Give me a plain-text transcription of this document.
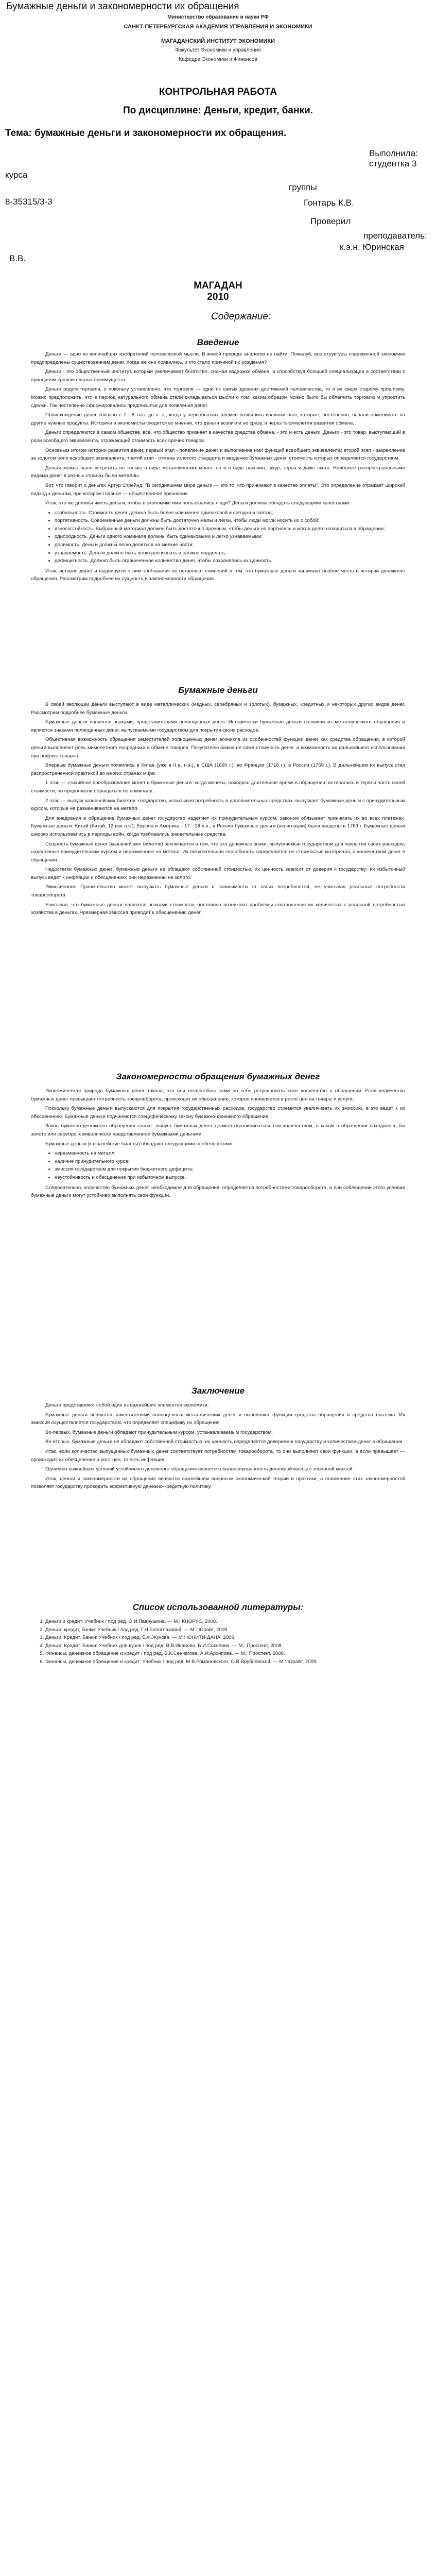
Бумажные деньги и закономерности их обращения
Министерство образования и науки РФ
САНКТ-ПЕТЕРБУРГСКАЯ АКАДЕМИЯ УПРАВЛЕНИЯ И ЭКОНОМИКИ
МАГАДАНСКИЙ ИНСТИТУТ ЭКОНОМИКИ
Факультет Экономики и управления
Кафедра Экономики и Финансов
КОНТРОЛЬНАЯ РАБОТА
По дисциплине: Деньги, кредит, банки.
Тема: бумажные деньги и закономерности их обращения.
Выполнила:
студентка 3
курса
группы
8-35315/3-3	Гонтарь К.В.
Проверил
преподаватель:
к.э.н. Юринская
В.В.
МАГАДАН
2010
Содержание:
Введение

Деньги — одно из величайших изобретений человеческой мысли. В живой природе аналогов не найти. Пожалуй, все структуры современной экономики предопределены существованием денег. Когда же они появились, и кто стало причиной их рождения?

Деньги - это общественный институт, который увеличивает богатство, снижая издержки обмена, и способствуя большей специализации в соответствии с принципом сравнительных преимуществ.

Деньги родом торговли, о покольку установлено, что торговля — одно из самых древних достижений человечества, то и их сверх старому прошлому. Можно предположить, что в период натурального обмена стали складываться мысли о том, каким образом можно было бы облегчить торговлю и упростить сделки. Так постепенно сформировались предпосылки для появления денег.

Происхождение денег связано с 7 - 8 тыс. до н. э., когда у первобытных племен появились излишки благ, которые, постепенно, начали обменивать на другие нужные продукты. Историки и экономисты сходятся во мнении, что деньги возникли не сразу, а через тысячелетия развития обмена.

Деньги определяются в самом обществе, все, что общество признает в качестве средства обмена, - это и есть деньги. Деньги - это товар, выступающий в роли всеобщего эквивалента, отражающий стоимость всех прочих товаров.

Основным итогом истории развития денег, первый этап - появление денег и выполнение ими функций всеобщего эквивалента; второй этап - закрепление за золотом роли всеобщего эквивалента; третий этап - отмена золотого стандарта и введение бумажных денег, стоимость которых определяется государством.

Деньги можно было встретить не только в виде металлических монет, но и в виде раковин, шкур, зерна и даже скота. Наиболее распространенными видами денег в разных странах были металлы.

Вот, что говорит о деньгах Артур Стрейнд: "В сегодняшнем мире деньги — это то, что принимают в качестве оплаты". Это определение отражает широкий подход к деньгам, при котором главное — общественное признание.

Итак, что же должны иметь деньги, чтобы в экономике ими пользовались люди? Деньги должны обладать следующими качествами:

• стабильность. Стоимость денег должна быть более или менее одинаковой и сегодня и завтра;
• портативность. Современные деньги должны быть достаточно малы и легки, чтобы люди могли носить их с собой;
• износостойкость. Выбранный материал должен быть достаточно прочным, чтобы деньги не портились и могли долго находиться в обращении;
• однородность. Деньги одного номинала должны быть одинаковыми и легко узнаваемыми;
• делимость. Деньги должны легко делиться на мелкие части;
• узнаваемость. Деньги должно быть легко распознать и сложно подделать;
• дефицитность. Должно быть ограниченное количество денег, чтобы сохранялась их ценность.

Итак, история денег и выдвинутое к ним требования не оставляют сомнений в том, что бумажные деньги занимают особое место в истории денежного обращения. Рассмотрим подробнее их сущность и закономерности обращения.

Бумажные деньги

В своей эволюции деньги выступают в виде металлических (медных, серебряных и золотых), бумажных, кредитных и некоторых других видов денег. Рассмотрим подробнее бумажные деньги.

Бумажные деньги являются знаками, представителями полноценных денег. Исторически бумажные деньги возникли из металлического обращения и являются знаками полноценных денег, выпускаемыми государством для покрытия своих расходов.

Объективная возможность обращения заместителей полноценных денег возникла из особенностей функции денег как средства обращения, в которой деньги выполняют роль мимолетного посредника в обмене товаров. Покупателю важна не сама стоимость денег, а возможность их дальнейшего использования при покупке товаров.

Впервые бумажные деньги появились в Китае (уже в II в. н.э.), в США (1690 г.), во Франции (1716 г.), в России (1769 г.). В дальнейшем их выпуск стал распространенной практикой во многих странах мира.

1 этап — стихийное преобразование монет в бумажные деньги: когда монеты, находясь длительное время в обращении, истирались и теряли часть своей стоимости, но продолжали обращаться по номиналу.

2 этап — выпуск казначейских билетов: государство, испытывая потребность в дополнительных средствах, выпускает бумажные деньги с принудительным курсом, которые не размениваются на металл.

Для внедрения в обращение бумажных денег государство наделяет их принудительным курсом, законом обязывает принимать их во всех платежах. Бумажные деньги: Китай (Китай, 12 век н.э.), Европа и Америка - 17 - 18 в.в., в России бумажные деньги (ассигнации) были введены в 1769 г. Бумажные деньги широко использовались в периоды войн, когда требовались значительные средства.

Сущность бумажных денег (казначейских билетов) заключается в том, что это денежные знаки, выпускаемые государством для покрытия своих расходов, наделенные принудительным курсом и неразменные на металл. Их покупательная способность определяется не стоимостью материала, а количеством денег в обращении.

Недостатки бумажных денег: бумажные деньги не обладают собственной стоимостью, их ценность зависит от доверия к государству; их избыточный выпуск ведет к инфляции и обесценению; они неразменны на золото.

Эмиссионное Правительство может выпускать бумажные деньги в зависимости от своих потребностей, не учитывая реальные потребности товарооборота.

Учитывая, что бумажные деньги являются знаками стоимости, постоянно возникают проблемы соотношения их количества с реальной потребностью хозяйства в деньгах. Чрезмерная эмиссия приводит к обесценению денег.

Закономерности обращения бумажных денег

Экономическая природа бумажных денег такова, что они неспособны сами по себе регулировать свое количество в обращении. Если количество бумажных денег превышает потребность товарооборота, происходит их обесценение, которое проявляется в росте цен на товары и услуги.

Поскольку бумажные деньги выпускаются для покрытия государственных расходов, государство стремится увеличивать их эмиссию, а это ведет к их обесценению. Бумажные деньги подчиняются специфическому закону бумажно-денежного обращения.

Закон бумажно-денежного обращения гласит: выпуск бумажных денег должен ограничиваться тем количеством, в каком в обращении находилось бы золото или серебро, символически представленное бумажными деньгами.

Бумажные деньги (казначейские билеты) обладают следующими особенностями:

• неразменность на металл;
• наличие принудительного курса;
• эмиссия государством для покрытия бюджетного дефицита;
• неустойчивость и обесценение при избыточном выпуске.

Следовательно, количество бумажных денег, необходимое для обращения, определяется потребностями товарооборота, и при соблюдении этого условия бумажные деньги могут устойчиво выполнять свои функции.

Заключение

Деньги представляют собой один из важнейших элементов экономики.

Бумажные деньги являются заместителями полноценных металлических денег и выполняют функции средства обращения и средства платежа. Их эмиссия осуществляется государством, что определяет специфику их обращения.

Во-первых, бумажные деньги обладают принудительным курсом, устанавливаемым государством.

Во-вторых, бумажные деньги не обладают собственной стоимостью, их ценность определяется доверием к государству и количеством денег в обращении.

Итак, если количество выпущенных бумажных денег соответствует потребностям товарооборота, то они выполняют свои функции, а если превышает — происходит их обесценение и рост цен, то есть инфляция.

Одним из важнейших условий устойчивого денежного обращения является сбалансированность денежной массы с товарной массой.

Итак, деньги и закономерности их обращения являются важнейшим вопросом экономической теории и практики, а понимание этих закономерностей позволяет государству проводить эффективную денежно-кредитную политику.

Список использованной литературы:
1. Деньги и кредит: Учебник / под ред. О.И.Лаврушина. — М.: КНОРУС, 2008.
2. Деньги, кредит, банки: Учебник / под ред. Г.Н.Белоглазовой. — М.: Юрайт, 2009.
3. Деньги. Кредит. Банки: Учебник / под ред. Е.Ф.Жукова. — М.: ЮНИТИ-ДАНА, 2009.
4. Деньги. Кредит. Банки: Учебник для вузов / под ред. В.В.Иванова, Б.И.Соколова. — М.: Проспект, 2008.
5. Финансы, денежное обращение и кредит / под ред. В.К.Сенчагова, А.И.Архипова. — М.: Проспект, 2008.
6. Финансы, денежное обращение и кредит: Учебник / под ред. М.В.Романовского, О.В.Врублевской. — М.: Юрайт, 2009.
